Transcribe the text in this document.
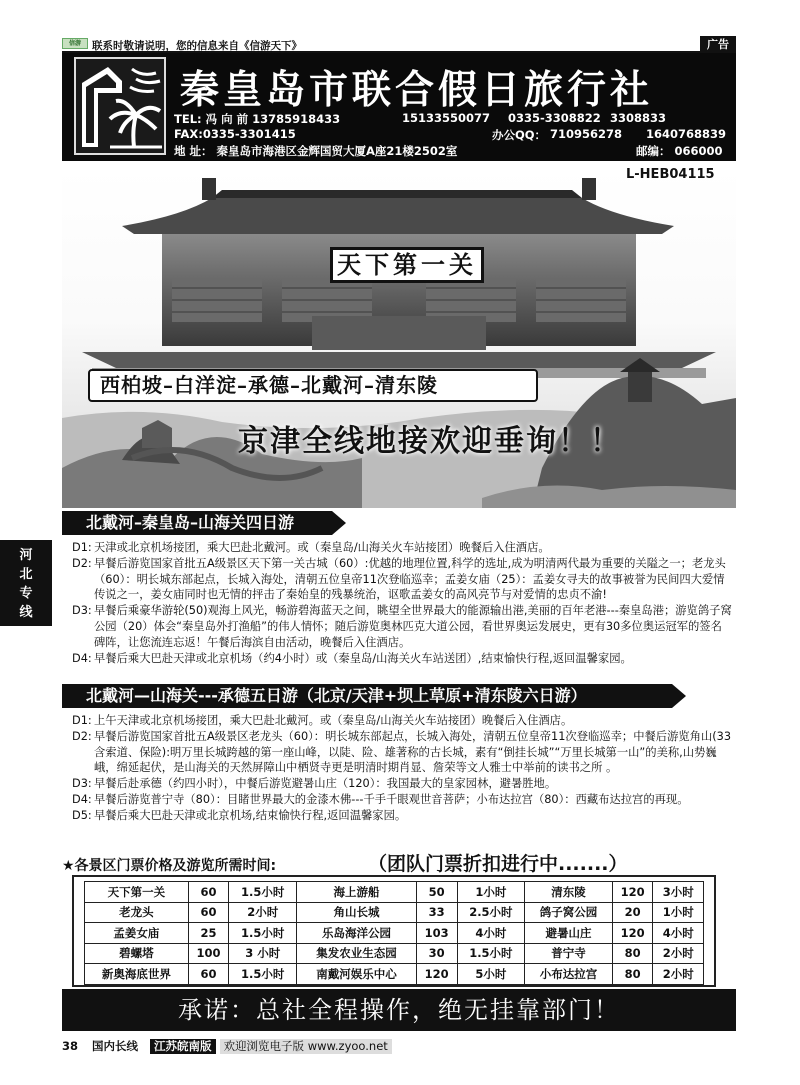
信游	联系时敬请说明，您的信息来自《信游天下》	广告
秦皇岛市联合假日旅行社
TEL: 冯 向 前 13785918433	15133550077 0335-3308822 3308833
FAX:0335-3301415	办公QQ： 710956278 1640768839
地 址： 秦皇岛市海港区金辉国贸大厦A座21楼2502室	邮编： 066000
天下第一关
L-HEB04115
西柏坡–白洋淀–承德–北戴河–清东陵
京津全线地接欢迎垂询！！
河北专线
北戴河–秦皇岛–山海关四日游
D1: 天津或北京机场接团，乘大巴赴北戴河。或（秦皇岛/山海关火车站接团）晚餐后入住酒店。
D2: 早餐后游览国家首批五A级景区天下第一关古城（60）:优越的地理位置,科学的选址,成为明清两代最为重要的关隘之一；老龙头（60）：明长城东部起点，长城入海处，清朝五位皇帝11次登临巡幸；孟姜女庙（25）：孟姜女寻夫的故事被誉为民间四大爱情传说之一，姜女庙同时也无情的抨击了秦始皇的残暴统治，讴歌孟姜女的高风亮节与对爱情的忠贞不渝!
D3: 早餐后乘豪华游轮(50)观海上风光，畅游碧海蓝天之间，眺望全世界最大的能源输出港,美丽的百年老港---秦皇岛港；游览鸽子窝公园（20）体会“秦皇岛外打渔船”的伟人情怀；随后游览奥林匹克大道公园，看世界奥运发展史，更有30多位奥运冠军的签名碑阵，让您流连忘返！午餐后海滨自由活动，晚餐后入住酒店。
D4: 早餐后乘大巴赴天津或北京机场（约4小时）或（秦皇岛/山海关火车站送团）,结束愉快行程,返回温馨家园。
北戴河—山海关---承德五日游（北京/天津+坝上草原+清东陵六日游）
D1: 上午天津或北京机场接团，乘大巴赴北戴河。或（秦皇岛/山海关火车站接团）晚餐后入住酒店。
D2: 早餐后游览国家首批五A级景区老龙头（60）：明长城东部起点，长城入海处，清朝五位皇帝11次登临巡幸；中餐后游览角山(33含索道、保险):明万里长城跨越的第一座山峰，以陡、险、雄著称的古长城，素有“倒挂长城”“万里长城第一山”的美称,山势巍峨，绵延起伏，是山海关的天然屏障山中栖贤寺更是明清时期肖显、詹荣等文人雅士中举前的读书之所 。
D3: 早餐后赴承德（约四小时），中餐后游览避暑山庄（120）：我国最大的皇家园林，避暑胜地。
D4: 早餐后游览普宁寺（80）：目睹世界最大的金漆木佛---千手千眼观世音菩萨；小布达拉宫（80）：西藏布达拉宫的再现。
D5: 早餐后乘大巴赴天津或北京机场,结束愉快行程,返回温馨家园。
★各景区门票价格及游览所需时间:	（团队门票折扣进行中.......）
天下第一关	60	1.5小时	海上游船	50	1小时	清东陵	120	3小时
老龙头	60	2小时	角山长城	33	2.5小时	鸽子窝公园	20	1小时
孟姜女庙	25	1.5小时	乐岛海洋公园	103	4小时	避暑山庄	120	4小时
碧螺塔	100	3 小时	集发农业生态园	30	1.5小时	普宁寺	80	2小时
新奥海底世界	60	1.5小时	南戴河娱乐中心	120	5小时	小布达拉宫	80	2小时
承诺：总社全程操作，绝无挂靠部门！
38 国内长线 江苏皖南版 欢迎浏览电子版 www.zyoo.net
